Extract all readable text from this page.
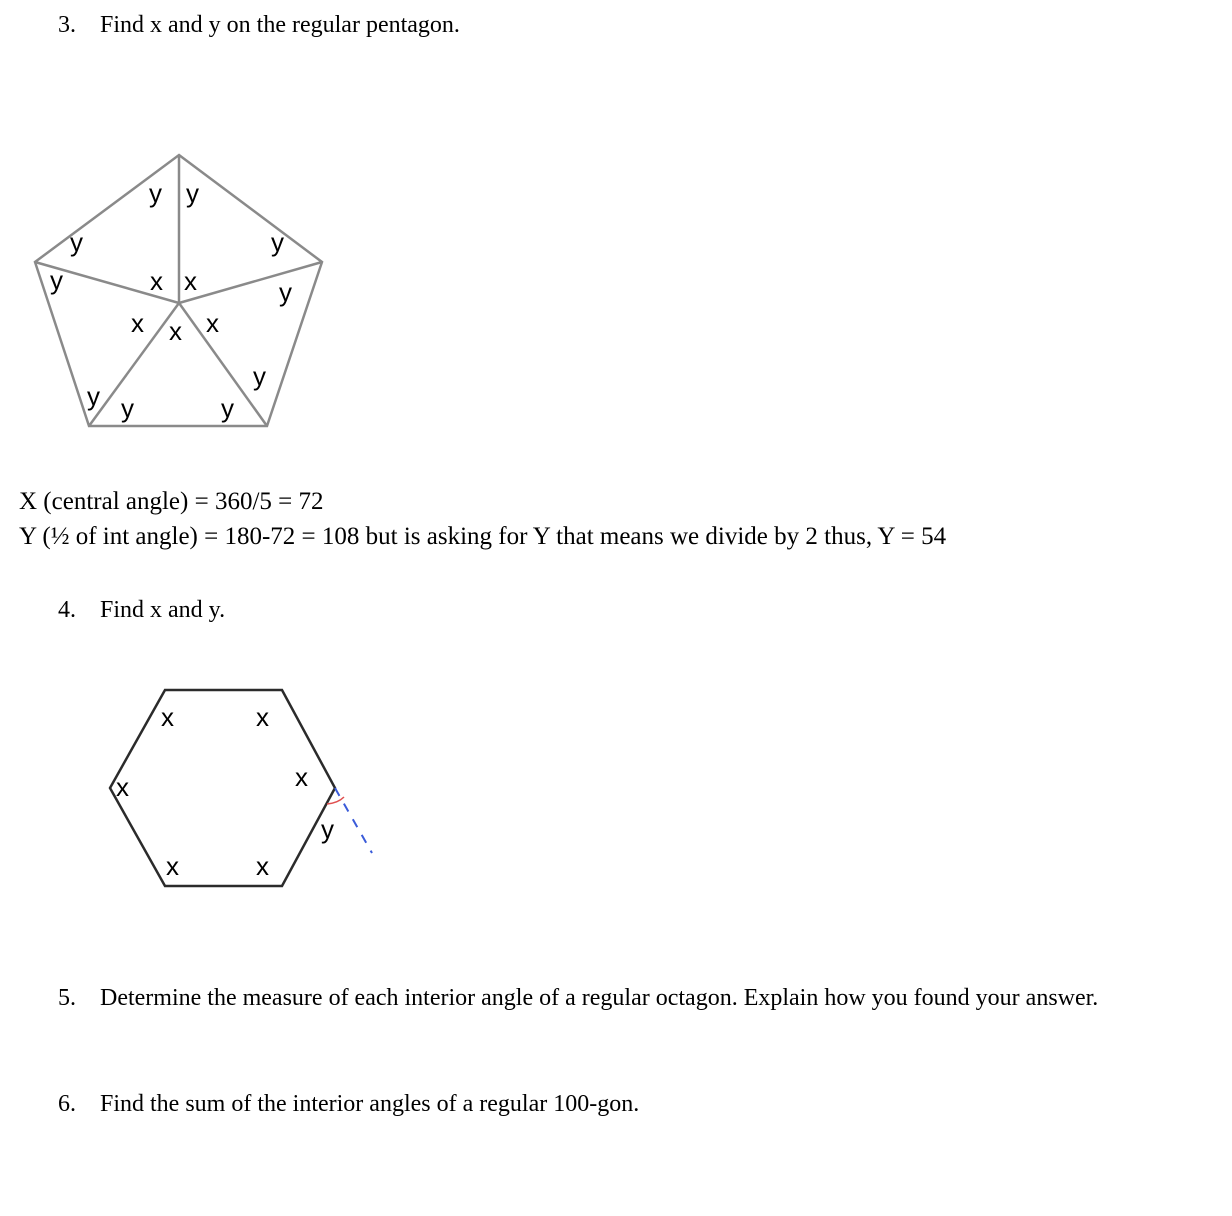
3. Find x and y on the regular pentagon.
x x
x x x
y y
y
y
y
y
y
y
y y
X (central angle) = 360/5 = 72
Y (½ of int angle) = 180-72 = 108 but is asking for Y that means we divide by 2 thus, Y = 54
4. Find x and y.
x	x
x	x
x	x
y
5. Determine the measure of each interior angle of a regular octagon. Explain how you found your answer.
6. Find the sum of the interior angles of a regular 100-gon.
